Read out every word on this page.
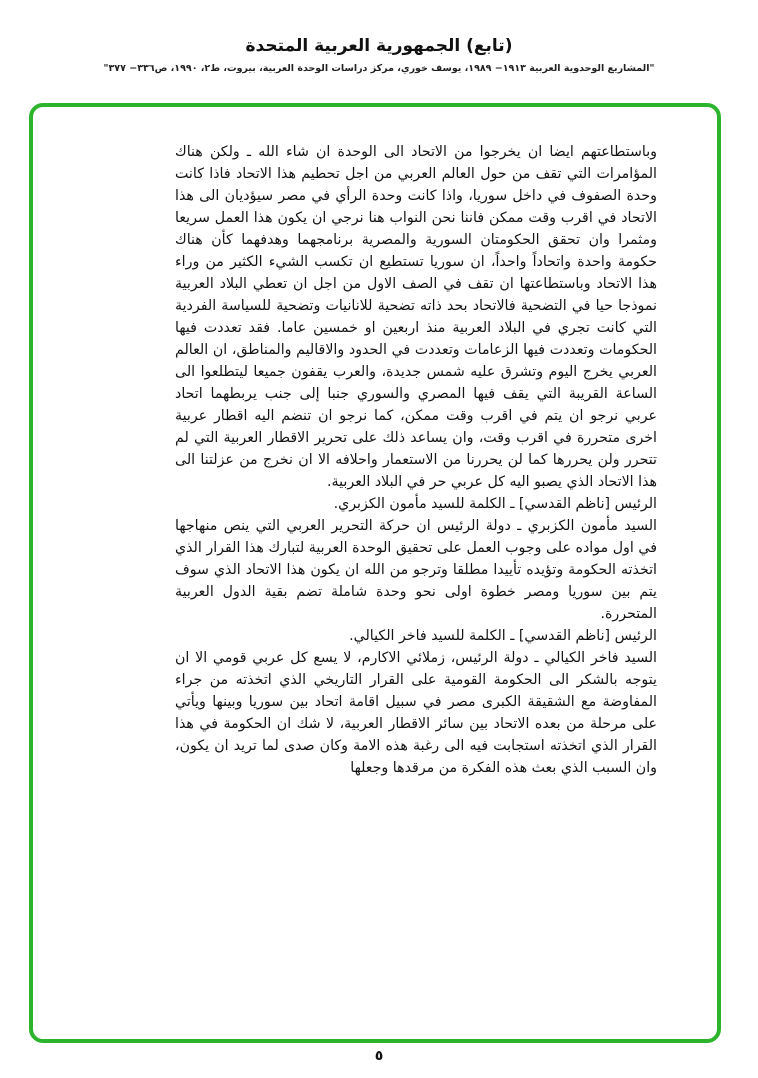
(تابع) الجمهورية العربية المتحدة
"المشاريع الوحدوية العربية ١٩١٣− ١٩٨٩، يوسف خوري، مركز دراسات الوحدة العربية، بيروت، ط٢، ١٩٩٠، ص٣٣٦− ٣٧٧"

وباستطاعتهم ايضا ان يخرجوا من الاتحاد الى الوحدة ان شاء الله ـ ولكن هناك المؤامرات التي تقف من حول العالم العربي من اجل تحطيم هذا الاتحاد فاذا كانت وحدة الصفوف في داخل سوريا، واذا كانت وحدة الرأي في مصر سيؤديان الى هذا الاتحاد في اقرب وقت ممكن فاننا نحن النواب هنا نرجي ان يكون هذا العمل سريعا ومثمرا وان تحقق الحكومتان السورية والمصرية برنامجهما وهدفهما كأن هناك حكومة واحدة واتحاداً واحداً، ان سوريا تستطيع ان تكسب الشيء الكثير من وراء هذا الاتحاد وباستطاعتها ان تقف في الصف الاول من اجل ان تعطي البلاد العربية نموذجا حيا في التضحية فالاتحاد بحد ذاته تضحية للانانيات وتضحية للسياسة الفردية التي كانت تجري في البلاد العربية منذ اربعين او خمسين عاما. فقد تعددت فيها الحكومات وتعددت فيها الزعامات وتعددت في الحدود والاقاليم والمناطق، ان العالم العربي يخرج اليوم وتشرق عليه شمس جديدة، والعرب يقفون جميعا ليتطلعوا الى الساعة القريبة التي يقف فيها المصري والسوري جنبا إلى جنب يربطهما اتحاد عربي نرجو ان يتم في اقرب وقت ممكن، كما نرجو ان تنضم اليه اقطار عربية اخرى متحررة في اقرب وقت، وان يساعد ذلك على تحرير الاقطار العربية التي لم تتحرر ولن يحررها كما لن يحررنا من الاستعمار واحلافه الا ان نخرج من عزلتنا الى هذا الاتحاد الذي يصبو اليه كل عربي حر في البلاد العربية.

الرئيس [ناظم القدسي] ـ الكلمة للسيد مأمون الكزبري.

السيد مأمون الكزبري ـ دولة الرئيس ان حركة التحرير العربي التي ينص منهاجها في اول مواده على وجوب العمل على تحقيق الوحدة العربية لتبارك هذا القرار الذي اتخذته الحكومة وتؤيده تأييدا مطلقا وترجو من الله ان يكون هذا الاتحاد الذي سوف يتم بين سوريا ومصر خطوة اولى نحو وحدة شاملة تضم بقية الدول العربية المتحررة.

الرئيس [ناظم القدسي] ـ الكلمة للسيد فاخر الكيالي.

السيد فاخر الكيالي ـ دولة الرئيس، زملائي الاكارم، لا يسع كل عربي قومي الا ان يتوجه بالشكر الى الحكومة القومية على القرار التاريخي الذي اتخذته من جراء المفاوضة مع الشقيقة الكبرى مصر في سبيل اقامة اتحاد بين سوريا وبينها ويأتي على مرحلة من بعده الاتحاد بين سائر الاقطار العربية، لا شك ان الحكومة في هذا القرار الذي اتخذته استجابت فيه الى رغبة هذه الامة وكان صدى لما تريد ان يكون، وان السبب الذي بعث هذه الفكرة من مرقدها وجعلها

٥
